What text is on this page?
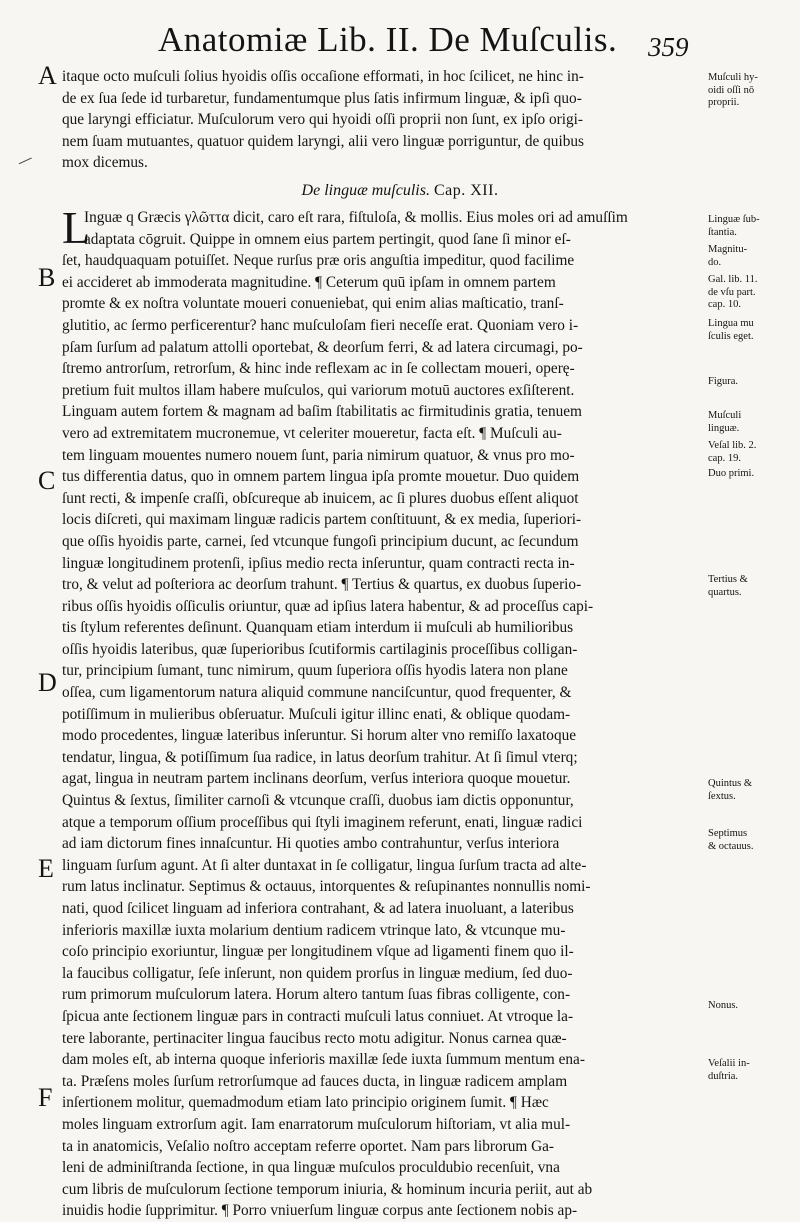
Anatomiæ Lib. II. De Muſculis. 359
A
B
C
D
E
F
itaque octo muſculi ſolius hyoidis oſſis occaſione efformati, in hoc ſcilicet, ne hinc in-
de ex ſua ſede id turbaretur, fundamentumque plus ſatis infirmum linguæ, & ipſi quo-
que laryngi efficiatur. Muſculorum vero qui hyoidi oſſi proprii non ſunt, ex ipſo origi-
nem ſuam mutuantes, quatuor quidem laryngi, alii vero linguæ porriguntur, de quibus
mox dicemus.
De linguæ muſculis. Cap. XII.
L
Inguæ q Græcis γλῶττα dicit, caro eſt rara, fiſtuloſa, & mollis. Eius moles ori ad amuſſim
adaptata cōgruit. Quippe in omnem eius partem pertingit, quod ſane ſi minor eſ-
ſet, haudquaquam potuiſſet. Neque rurſus præ oris anguſtia impeditur, quod facilime
ei accideret ab immoderata magnitudine. ¶ Ceterum quū ipſam in omnem partem
promte & ex noſtra voluntate moueri conueniebat, qui enim alias maſticatio, tranſ-
glutitio, ac ſermo perficerentur? hanc muſculoſam fieri neceſſe erat. Quoniam vero i-
pſam ſurſum ad palatum attolli oportebat, & deorſum ferri, & ad latera circumagi, po-
ſtremo antrorſum, retrorſum, & hinc inde reflexam ac in ſe collectam moueri, operę-
pretium fuit multos illam habere muſculos, qui variorum motuū auctores exſiſterent.
Linguam autem fortem & magnam ad baſim ſtabilitatis ac firmitudinis gratia, tenuem
vero ad extremitatem mucronemue, vt celeriter moueretur, facta eſt. ¶ Muſculi au-
tem linguam mouentes numero nouem ſunt, paria nimirum quatuor, & vnus pro mo-
tus differentia datus, quo in omnem partem lingua ipſa promte mouetur. Duo quidem
ſunt recti, & impenſe craſſi, obſcureque ab inuicem, ac ſi plures duobus eſſent aliquot
locis diſcreti, qui maximam linguæ radicis partem conſtituunt, & ex media, ſuperiori-
que oſſis hyoidis parte, carnei, ſed vtcunque fungoſi principium ducunt, ac ſecundum
linguæ longitudinem protenſi, ipſius medio recta inſeruntur, quam contracti recta in-
tro, & velut ad poſteriora ac deorſum trahunt. ¶ Tertius & quartus, ex duobus ſuperio-
ribus oſſis hyoidis oſſiculis oriuntur, quæ ad ipſius latera habentur, & ad proceſſus capi-
tis ſtylum referentes deſinunt. Quanquam etiam interdum ii muſculi ab humilioribus
oſſis hyoidis lateribus, quæ ſuperioribus ſcutiformis cartilaginis proceſſibus colligan-
tur, principium ſumant, tunc nimirum, quum ſuperiora oſſis hyodis latera non plane
oſſea, cum ligamentorum natura aliquid commune nanciſcuntur, quod frequenter, &
potiſſimum in mulieribus obſeruatur. Muſculi igitur illinc enati, & oblique quodam-
modo procedentes, linguæ lateribus inſeruntur. Si horum alter vno remiſſo laxatoque
tendatur, lingua, & potiſſimum ſua radice, in latus deorſum trahitur. At ſi ſimul vterq;
agat, lingua in neutram partem inclinans deorſum, verſus interiora quoque mouetur.
Quintus & ſextus, ſimiliter carnoſi & vtcunque craſſi, duobus iam dictis opponuntur,
atque a temporum oſſium proceſſibus qui ſtyli imaginem referunt, enati, linguæ radici
ad iam dictorum fines innaſcuntur. Hi quoties ambo contrahuntur, verſus interiora
linguam ſurſum agunt. At ſi alter duntaxat in ſe colligatur, lingua ſurſum tracta ad alte-
rum latus inclinatur. Septimus & octauus, intorquentes & reſupinantes nonnullis nomi-
nati, quod ſcilicet linguam ad inferiora contrahant, & ad latera inuoluant, a lateribus
inferioris maxillæ iuxta molarium dentium radicem vtrinque lato, & vtcunque mu-
coſo principio exoriuntur, linguæ per longitudinem vſque ad ligamenti finem quo il-
la faucibus colligatur, ſeſe inſerunt, non quidem prorſus in linguæ medium, ſed duo-
rum primorum muſculorum latera. Horum altero tantum ſuas fibras colligente, con-
ſpicua ante ſectionem linguæ pars in contracti muſculi latus conniuet. At vtroque la-
tere laborante, pertinaciter lingua faucibus recto motu adigitur. Nonus carnea quæ-
dam moles eſt, ab interna quoque inferioris maxillæ ſede iuxta ſummum mentum ena-
ta. Præſens moles ſurſum retrorſumque ad fauces ducta, in linguæ radicem amplam
inſertionem molitur, quemadmodum etiam lato principio originem ſumit. ¶ Hæc
moles linguam extrorſum agit. Iam enarratorum muſculorum hiſtoriam, vt alia mul-
ta in anatomicis, Veſalio noſtro acceptam referre oportet. Nam pars librorum Ga-
leni de adminiſtranda ſectione, in qua linguæ muſculos proculdubio recenſuit, vna
cum libris de muſculorum ſectione temporum iniuria, & hominum incuria periit, aut ab
inuidis hodie ſupprimitur. ¶ Porro vniuerſum linguæ corpus ante ſectionem nobis ap-
Muſculi hy-
oidi oſſi nō
proprii.
Linguæ ſub-
ſtantia.
Magnitu-
do.
Gal. lib. 11.
de vſu part.
cap. 10.
Lingua mu
ſculis eget.
Figura.
Muſculi
linguæ.
Veſal lib. 2.
cap. 19.
Duo primi.
Tertius &
quartus.
Quintus &
ſextus.
Septimus
& octauus.
Nonus.
Veſalii in-
duſtria.
